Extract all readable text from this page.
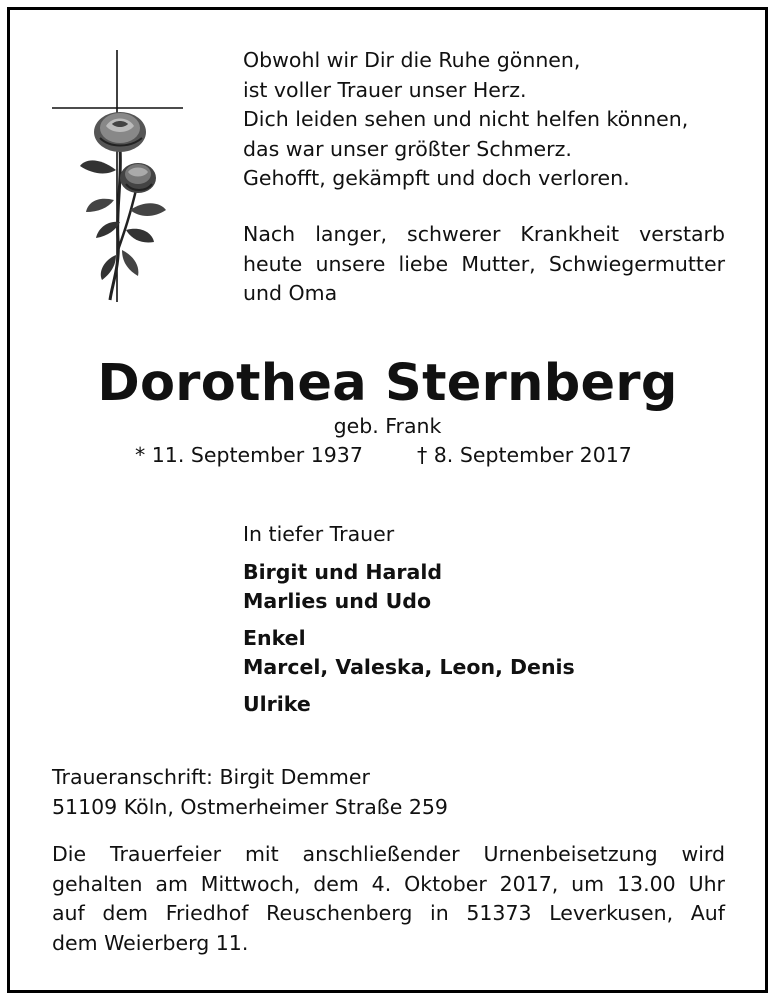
Obwohl wir Dir die Ruhe gönnen,
ist voller Trauer unser Herz.
Dich leiden sehen und nicht helfen können,
das war unser größter Schmerz.
Gehofft, gekämpft und doch verloren.
Nach langer, schwerer Krankheit verstarb
heute unsere liebe Mutter, Schwiegermutter
und Oma
Dorothea Sternberg
geb. Frank
* 11. September 1937	† 8. September 2017
In tiefer Trauer
Birgit und Harald
Marlies und Udo
Enkel
Marcel, Valeska, Leon, Denis
Ulrike
Traueranschrift: Birgit Demmer
51109 Köln, Ostmerheimer Straße 259
Die Trauerfeier mit anschließender Urnenbeisetzung wird
gehalten am Mittwoch, dem 4. Oktober 2017, um 13.00 Uhr
auf dem Friedhof Reuschenberg in 51373 Leverkusen, Auf
dem Weierberg 11.
